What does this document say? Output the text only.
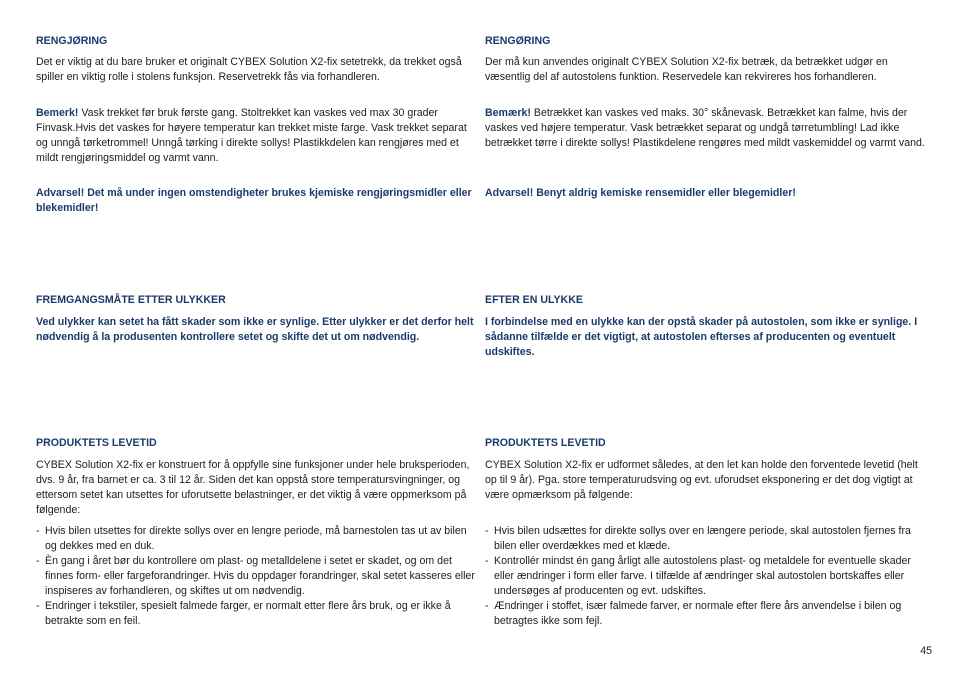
RENGJØRING

Det er viktig at du bare bruker et originalt CYBEX Solution X2-fix setetrekk, da trekket også spiller en viktig rolle i stolens funksjon. Reservetrekk fås via forhandleren.

Bemerk! Vask trekket før bruk første gang. Stoltrekket kan vaskes ved max 30 grader Finvask.Hvis det vaskes for høyere temperatur kan trekket miste farge. Vask trekket separat og unngå tørketrommel! Unngå tørking i direkte sollys! Plastikkdelen kan rengjøres med et mildt rengjøringsmiddel og varmt vann.

Advarsel! Det må under ingen omstendigheter brukes kjemiske rengjøringsmidler eller blekemidler!

FREMGANGSMÅTE ETTER ULYKKER

Ved ulykker kan setet ha fått skader som ikke er synlige. Etter ulykker er det derfor helt nødvendig å la produsenten kontrollere setet og skifte det ut om nødvendig.

PRODUKTETS LEVETID

CYBEX Solution X2-fix er konstruert for å oppfylle sine funksjoner under hele bruksperioden, dvs. 9 år, fra barnet er ca. 3 til 12 år. Siden det kan oppstå store temperatursvingninger, og ettersom setet kan utsettes for uforutsette belastninger, er det viktig å være oppmerksom på følgende:

- Hvis bilen utsettes for direkte sollys over en lengre periode, må barnestolen tas ut av bilen og dekkes med en duk.
- Èn gang i året bør du kontrollere om plast- og metalldelene i setet er skadet, og om det finnes form- eller fargeforandringer. Hvis du oppdager forandringer, skal setet kasseres eller inspiseres av forhandleren, og skiftes ut om nødvendig.
- Endringer i tekstiler, spesielt falmede farger, er normalt etter flere års bruk, og er ikke å betrakte som en feil.

RENGØRING

Der må kun anvendes originalt CYBEX Solution X2-fix betræk, da betrækket udgør en væsentlig del af autostolens funktion. Reservedele kan rekvireres hos forhandleren.

Bemærk! Betrækket kan vaskes ved maks. 30° skånevask. Betrækket kan falme, hvis der vaskes ved højere temperatur. Vask betrækket separat og undgå tørretumbling! Lad ikke betrækket tørre i direkte sollys! Plastikdelene rengøres med mildt vaskemiddel og varmt vand.

Advarsel! Benyt aldrig kemiske rensemidler eller blegemidler!

EFTER EN ULYKKE

I forbindelse med en ulykke kan der opstå skader på autostolen, som ikke er synlige. I sådanne tilfælde er det vigtigt, at autostolen efterses af producenten og eventuelt udskiftes.

PRODUKTETS LEVETID

CYBEX Solution X2-fix er udformet således, at den let kan holde den forventede levetid (helt op til 9 år). Pga. store temperaturudsving og evt. uforudset eksponering er det dog vigtigt at være opmærksom på følgende:

- Hvis bilen udsættes for direkte sollys over en længere periode, skal autostolen fjernes fra bilen eller overdækkes med et klæde.
- Kontrollér mindst én gang årligt alle autostolens plast- og metaldele for eventuelle skader eller ændringer i form eller farve. I tilfælde af ændringer skal autostolen bortskaffes eller undersøges af producenten og evt. udskiftes.
- Ændringer i stoffet, især falmede farver, er normale efter flere års anvendelse i bilen og betragtes ikke som fejl.
45
